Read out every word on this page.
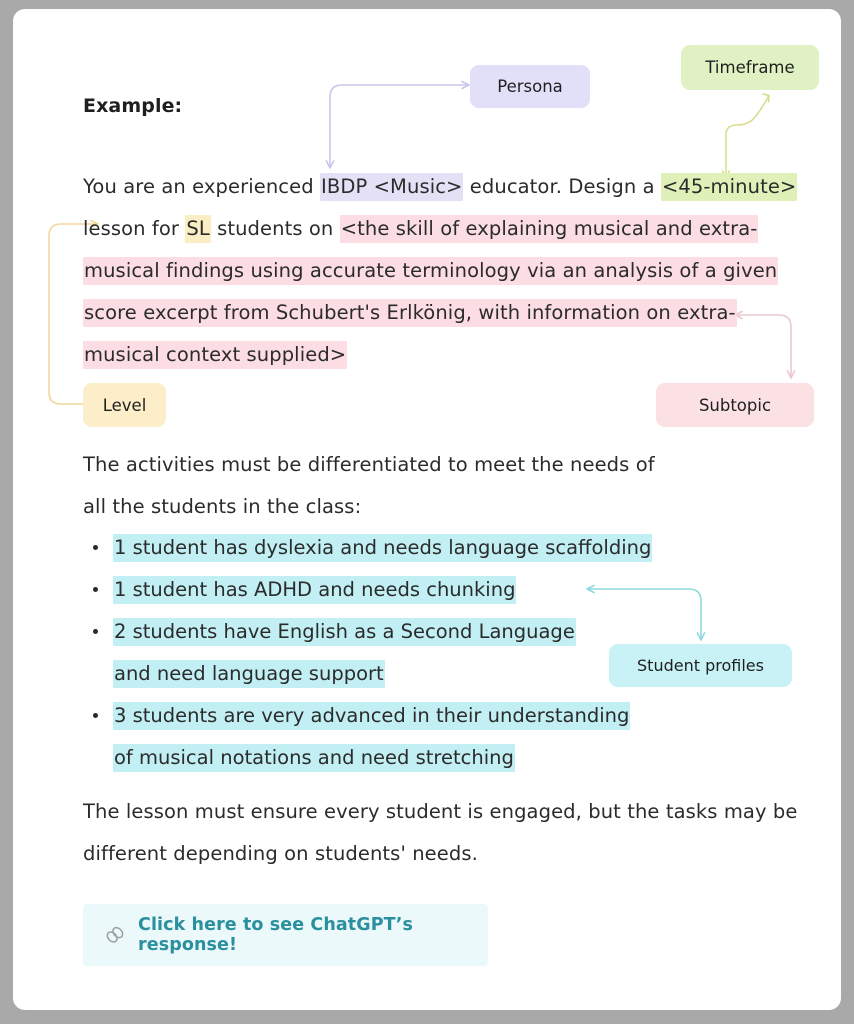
Example:
Persona
Timeframe
Level	Subtopic
Student profiles
You are an experienced IBDP <Music> educator. Design a <45-minute>
lesson for SL students on <the skill of explaining musical and extra-
musical findings using accurate terminology via an analysis of a given
score excerpt from Schubert's Erlkönig, with information on extra-
musical context supplied>
The activities must be differentiated to meet the needs of
all the students in the class:
1 student has dyslexia and needs language scaffolding
1 student has ADHD and needs chunking
2 students have English as a Second Language
and need language support
3 students are very advanced in their understanding
of musical notations and need stretching
The lesson must ensure every student is engaged, but the tasks may be
different depending on students' needs.
Click here to see ChatGPT’s response!
